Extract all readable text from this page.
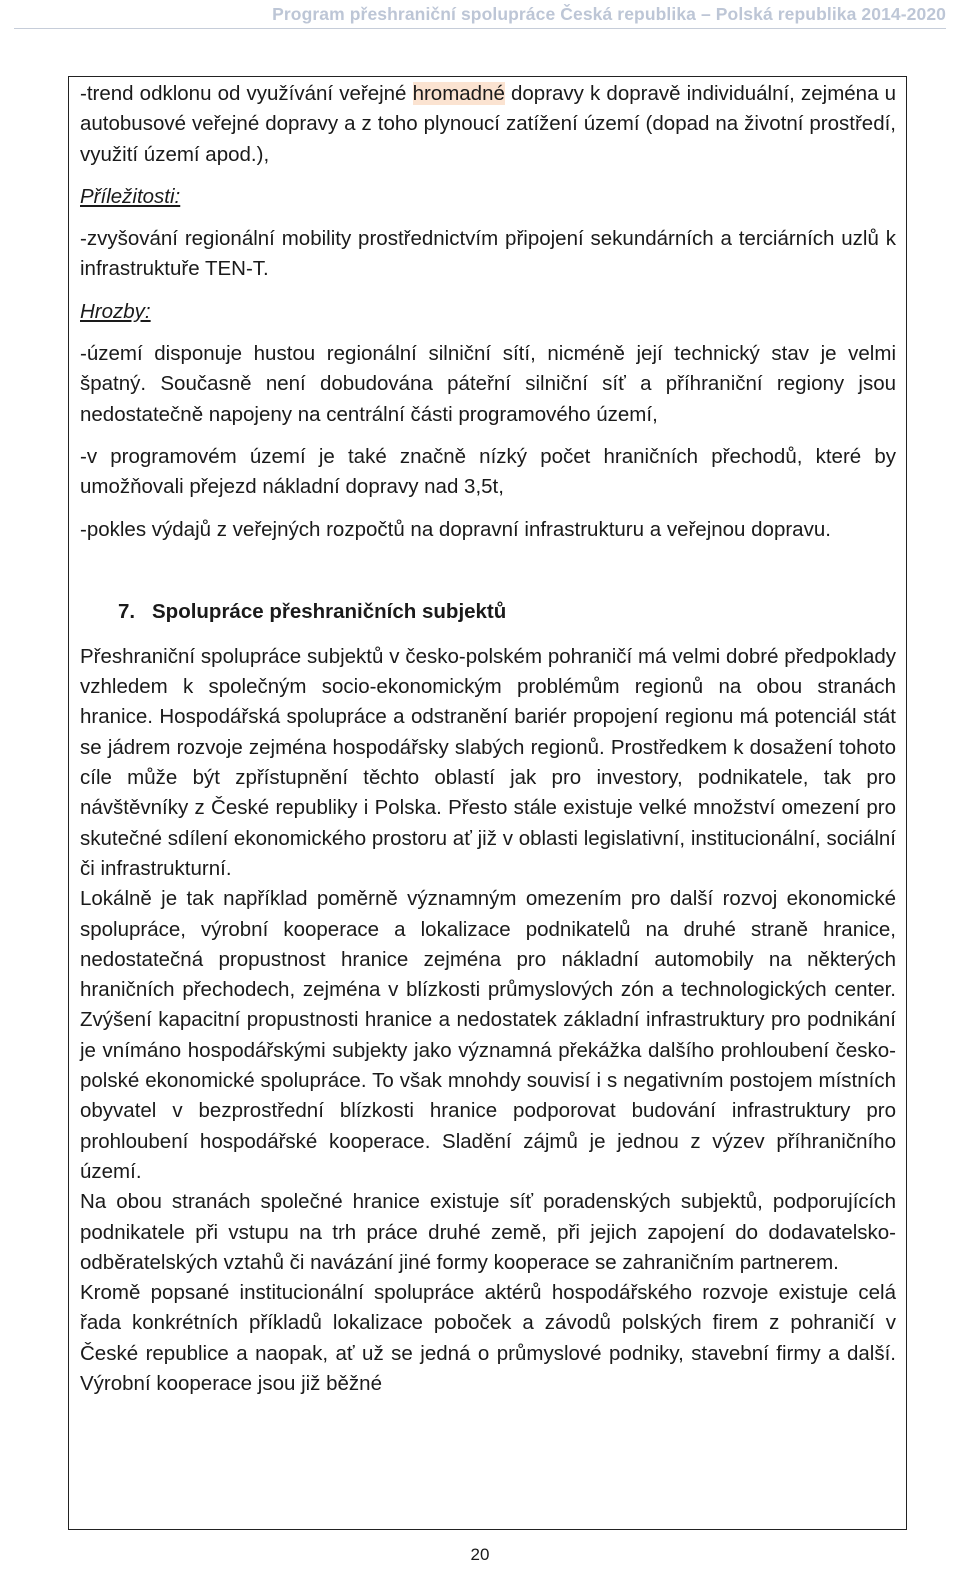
Program přeshraniční spolupráce Česká republika – Polská republika 2014-2020

-trend odklonu od využívání veřejné hromadné dopravy k dopravě individuální, zejména u autobusové veřejné dopravy a z toho plynoucí zatížení území (dopad na životní prostředí, využití území apod.),

Příležitosti:

-zvyšování regionální mobility prostřednictvím připojení sekundárních a terciárních uzlů k infrastruktuře TEN-T.

Hrozby:

-území disponuje hustou regionální silniční sítí, nicméně její technický stav je velmi špatný. Současně není dobudována páteřní silniční síť a příhraniční regiony jsou nedostatečně napojeny na centrální části programového území,

-v programovém území je také značně nízký počet hraničních přechodů, které by umožňovali přejezd nákladní dopravy nad 3,5t,

-pokles výdajů z veřejných rozpočtů na dopravní infrastrukturu a veřejnou dopravu.

7. Spolupráce přeshraničních subjektů

Přeshraniční spolupráce subjektů v česko-polském pohraničí má velmi dobré předpoklady vzhledem k společným socio-ekonomickým problémům regionů na obou stranách hranice. Hospodářská spolupráce a odstranění bariér propojení regionu má potenciál stát se jádrem rozvoje zejména hospodářsky slabých regionů. Prostředkem k dosažení tohoto cíle může být zpřístupnění těchto oblastí jak pro investory, podnikatele, tak pro návštěvníky z České republiky i Polska. Přesto stále existuje velké množství omezení pro skutečné sdílení ekonomického prostoru ať již v oblasti legislativní, institucionální, sociální či infrastrukturní.

Lokálně je tak například poměrně významným omezením pro další rozvoj ekonomické spolupráce, výrobní kooperace a lokalizace podnikatelů na druhé straně hranice, nedostatečná propustnost hranice zejména pro nákladní automobily na některých hraničních přechodech, zejména v blízkosti průmyslových zón a technologických center. Zvýšení kapacitní propustnosti hranice a nedostatek základní infrastruktury pro podnikání je vnímáno hospodářskými subjekty jako významná překážka dalšího prohloubení česko-polské ekonomické spolupráce. To však mnohdy souvisí i s negativním postojem místních obyvatel v bezprostřední blízkosti hranice podporovat budování infrastruktury pro prohloubení hospodářské kooperace. Sladění zájmů je jednou z výzev příhraničního území.

Na obou stranách společné hranice existuje síť poradenských subjektů, podporujících podnikatele při vstupu na trh práce druhé země, při jejich zapojení do dodavatelsko-odběratelských vztahů či navázání jiné formy kooperace se zahraničním partnerem.

Kromě popsané institucionální spolupráce aktérů hospodářského rozvoje existuje celá řada konkrétních příkladů lokalizace poboček a závodů polských firem z pohraničí v České republice a naopak, ať už se jedná o průmyslové podniky, stavební firmy a další. Výrobní kooperace jsou již běžné

20
